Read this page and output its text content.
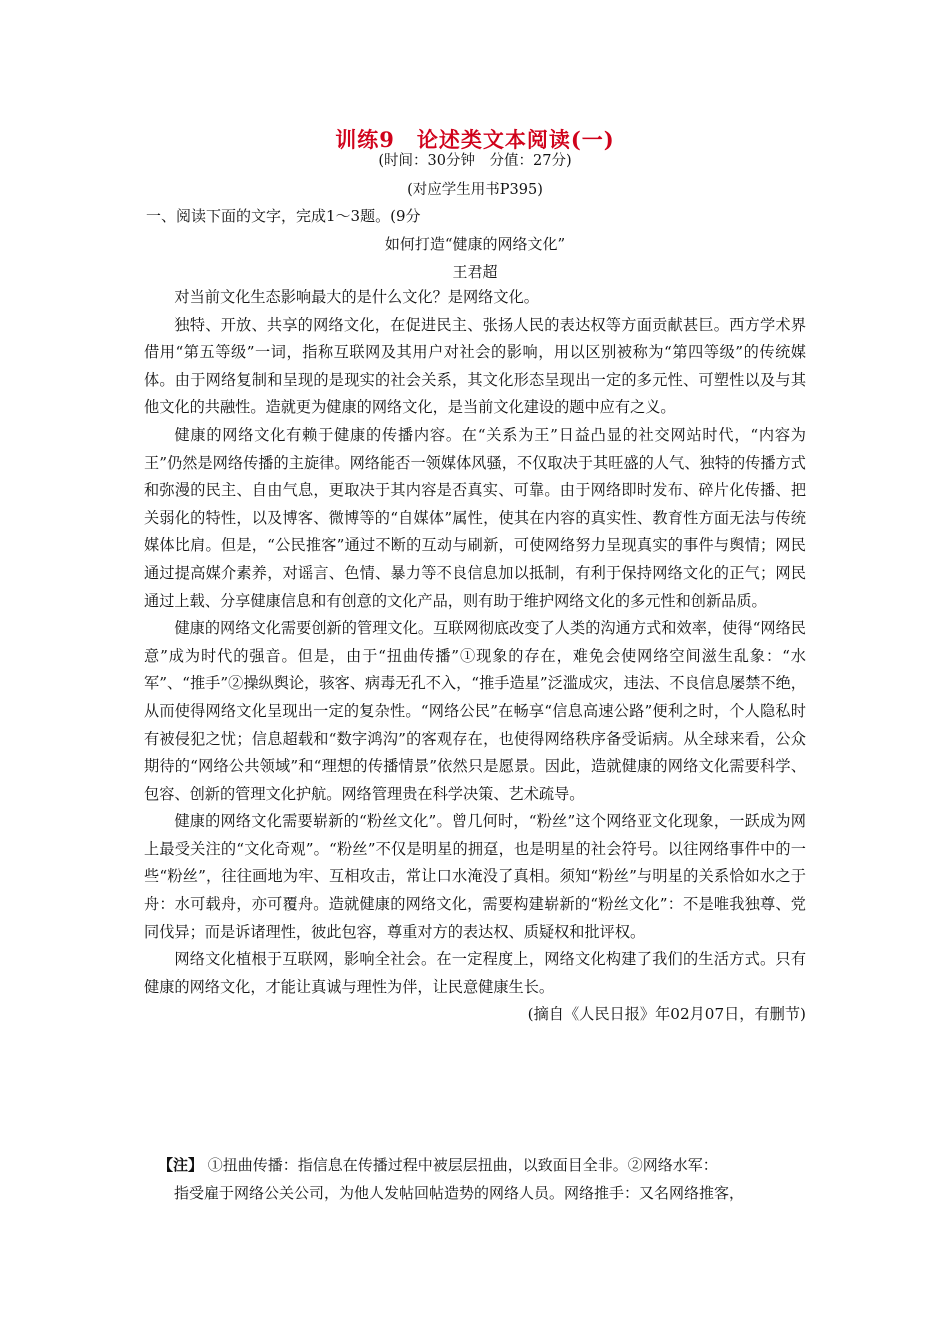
训练9　论述类文本阅读(一)
(时间：30分钟　分值：27分)
(对应学生用书P395)
一、阅读下面的文字，完成1～3题。(9分
如何打造“健康的网络文化”
王君超

对当前文化生态影响最大的是什么文化？是网络文化。

独特、开放、共享的网络文化，在促进民主、张扬人民的表达权等方面贡献甚巨。西方学术界借用“第五等级”一词，指称互联网及其用户对社会的影响，用以区别被称为“第四等级”的传统媒体。由于网络复制和呈现的是现实的社会关系，其文化形态呈现出一定的多元性、可塑性以及与其他文化的共融性。造就更为健康的网络文化，是当前文化建设的题中应有之义。

健康的网络文化有赖于健康的传播内容。在“关系为王”日益凸显的社交网站时代，“内容为王”仍然是网络传播的主旋律。网络能否一领媒体风骚，不仅取决于其旺盛的人气、独特的传播方式和弥漫的民主、自由气息，更取决于其内容是否真实、可靠。由于网络即时发布、碎片化传播、把关弱化的特性，以及博客、微博等的“自媒体”属性，使其在内容的真实性、教育性方面无法与传统媒体比肩。但是，“公民推客”通过不断的互动与刷新，可使网络努力呈现真实的事件与舆情；网民通过提高媒介素养，对谣言、色情、暴力等不良信息加以抵制，有利于保持网络文化的正气；网民通过上载、分享健康信息和有创意的文化产品，则有助于维护网络文化的多元性和创新品质。

健康的网络文化需要创新的管理文化。互联网彻底改变了人类的沟通方式和效率，使得“网络民意”成为时代的强音。但是，由于“扭曲传播”①现象的存在，难免会使网络空间滋生乱象：“水军”、“推手”②操纵舆论，骇客、病毒无孔不入，“推手造星”泛滥成灾，违法、不良信息屡禁不绝，从而使得网络文化呈现出一定的复杂性。“网络公民”在畅享“信息高速公路”便利之时，个人隐私时有被侵犯之忧；信息超载和“数字鸿沟”的客观存在，也使得网络秩序备受诟病。从全球来看，公众期待的“网络公共领域”和“理想的传播情景”依然只是愿景。因此，造就健康的网络文化需要科学、包容、创新的管理文化护航。网络管理贵在科学决策、艺术疏导。

健康的网络文化需要崭新的“粉丝文化”。曾几何时，“粉丝”这个网络亚文化现象，一跃成为网上最受关注的“文化奇观”。“粉丝”不仅是明星的拥趸，也是明星的社会符号。以往网络事件中的一些“粉丝”，往往画地为牢、互相攻击，常让口水淹没了真相。须知“粉丝”与明星的关系恰如水之于舟：水可载舟，亦可覆舟。造就健康的网络文化，需要构建崭新的“粉丝文化”：不是唯我独尊、党同伐异；而是诉诸理性，彼此包容，尊重对方的表达权、质疑权和批评权。

网络文化植根于互联网，影响全社会。在一定程度上，网络文化构建了我们的生活方式。只有健康的网络文化，才能让真诚与理性为伴，让民意健康生长。

(摘自《人民日报》年02月07日，有删节)

【注】 ①扭曲传播：指信息在传播过程中被层层扭曲，以致面目全非。②网络水军：
指受雇于网络公关公司，为他人发帖回帖造势的网络人员。网络推手：又名网络推客，
